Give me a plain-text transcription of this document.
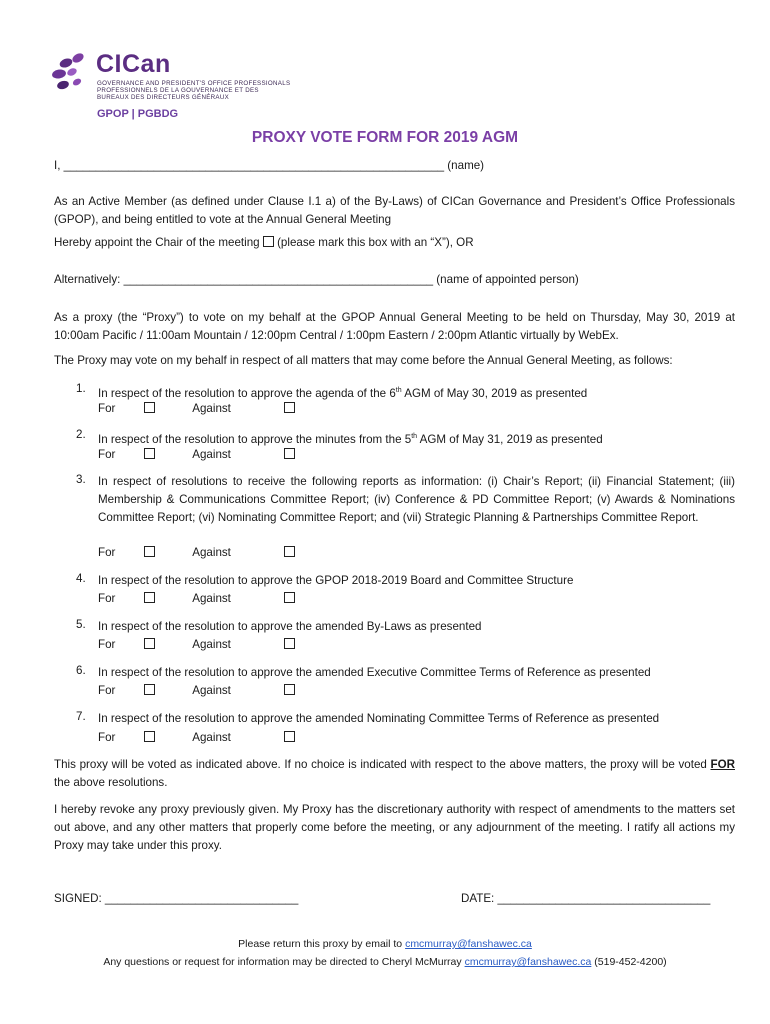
CICan
GOVERNANCE AND PRESIDENT'S OFFICE PROFESSIONALS
PROFESSIONNELS DE LA GOUVERNANCE ET DES
BUREAUX DES DIRECTEURS GÉNÉRAUX
GPOP | PGBDG
PROXY VOTE FORM FOR 2019 AGM
I, ___________________________________________________________ (name)
As an Active Member (as defined under Clause I.1 a) of the By-Laws) of CICan Governance and President’s Office Professionals (GPOP), and being entitled to vote at the Annual General Meeting
Hereby appoint the Chair of the meeting (please mark this box with an “X”), OR
Alternatively: ________________________________________________ (name of appointed person)
As a proxy (the “Proxy”) to vote on my behalf at the GPOP Annual General Meeting to be held on Thursday, May 30, 2019 at 10:00am Pacific / 11:00am Mountain / 12:00pm Central / 1:00pm Eastern / 2:00pm Atlantic virtually by WebEx.
The Proxy may vote on my behalf in respect of all matters that may come before the Annual General Meeting, as follows:
1. In respect of the resolution to approve the agenda of the 6th AGM of May 30, 2019 as presented
For	Against
2. In respect of the resolution to approve the minutes from the 5th AGM of May 31, 2019 as presented
For	Against
3. In respect of resolutions to receive the following reports as information: (i) Chair’s Report; (ii) Financial Statement; (iii) Membership & Communications Committee Report; (iv) Conference & PD Committee Report; (v) Awards & Nominations Committee Report; (vi) Nominating Committee Report; and (vii) Strategic Planning & Partnerships Committee Report.
For	Against
4. In respect of the resolution to approve the GPOP 2018-2019 Board and Committee Structure
For	Against
5. In respect of the resolution to approve the amended By-Laws as presented
For	Against
6. In respect of the resolution to approve the amended Executive Committee Terms of Reference as presented
For	Against
7. In respect of the resolution to approve the amended Nominating Committee Terms of Reference as presented
For	Against
This proxy will be voted as indicated above. If no choice is indicated with respect to the above matters, the proxy will be voted FOR the above resolutions.
I hereby revoke any proxy previously given. My Proxy has the discretionary authority with respect of amendments to the matters set out above, and any other matters that properly come before the meeting, or any adjournment of the meeting. I ratify all actions my Proxy may take under this proxy.
SIGNED: ______________________________	DATE: _________________________________
Please return this proxy by email to cmcmurray@fanshawec.ca
Any questions or request for information may be directed to Cheryl McMurray cmcmurray@fanshawec.ca (519-452-4200)
